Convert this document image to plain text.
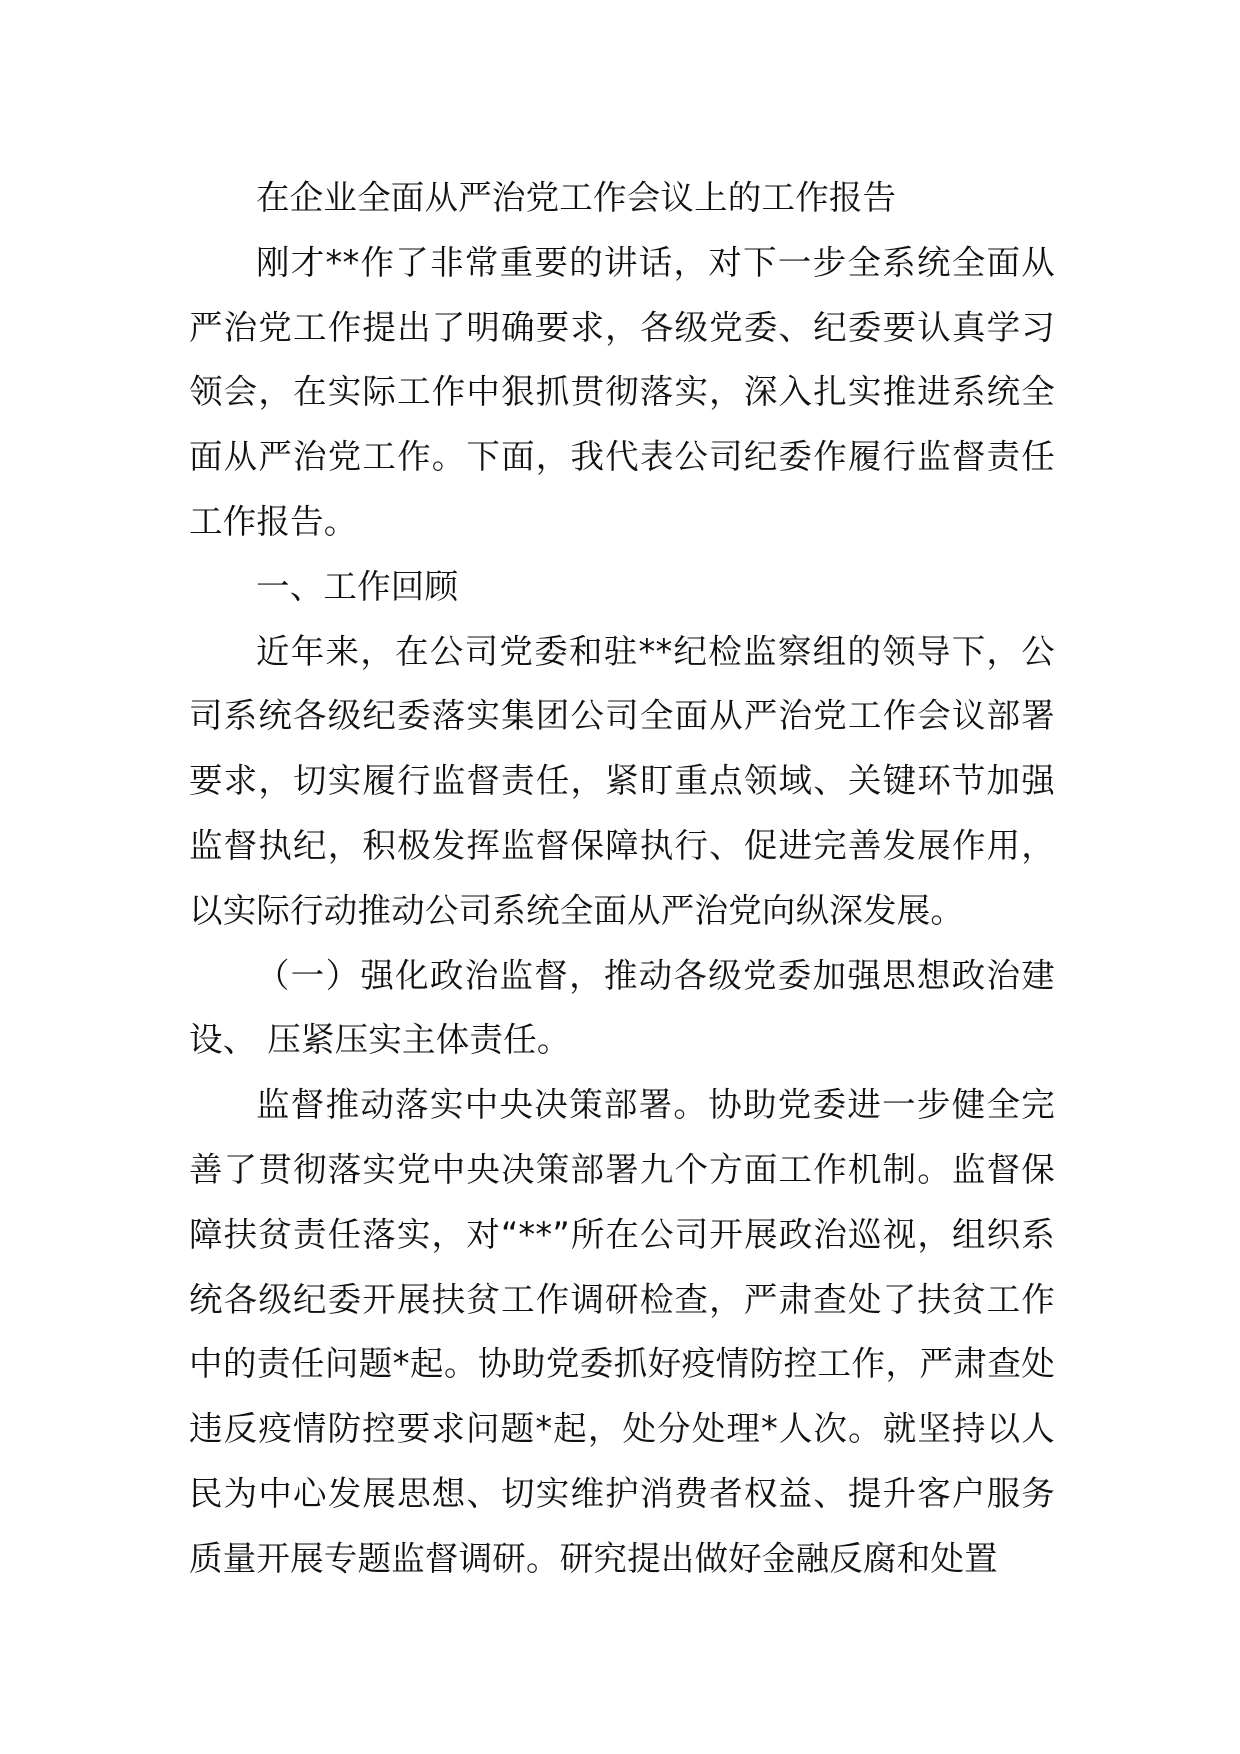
在企业全面从严治党工作会议上的工作报告

刚才**作了非常重要的讲话，对下一步全系统全面从严治党工作提出了明确要求，各级党委、纪委要认真学习领会，在实际工作中狠抓贯彻落实，深入扎实推进系统全面从严治党工作。下面，我代表公司纪委作履行监督责任工作报告。

一、工作回顾

近年来，在公司党委和驻**纪检监察组的领导下，公司系统各级纪委落实集团公司全面从严治党工作会议部署要求，切实履行监督责任，紧盯重点领域、关键环节加强监督执纪，积极发挥监督保障执行、促进完善发展作用，以实际行动推动公司系统全面从严治党向纵深发展。

（一）强化政治监督，推动各级党委加强思想政治建设、 压紧压实主体责任。

监督推动落实中央决策部署。协助党委进一步健全完善了贯彻落实党中央决策部署九个方面工作机制。监督保障扶贫责任落实，对“**”所在公司开展政治巡视，组织系统各级纪委开展扶贫工作调研检查，严肃查处了扶贫工作中的责任问题*起。协助党委抓好疫情防控工作，严肃查处违反疫情防控要求问题*起，处分处理*人次。就坚持以人民为中心发展思想、切实维护消费者权益、提升客户服务质量开展专题监督调研。研究提出做好金融反腐和处置
